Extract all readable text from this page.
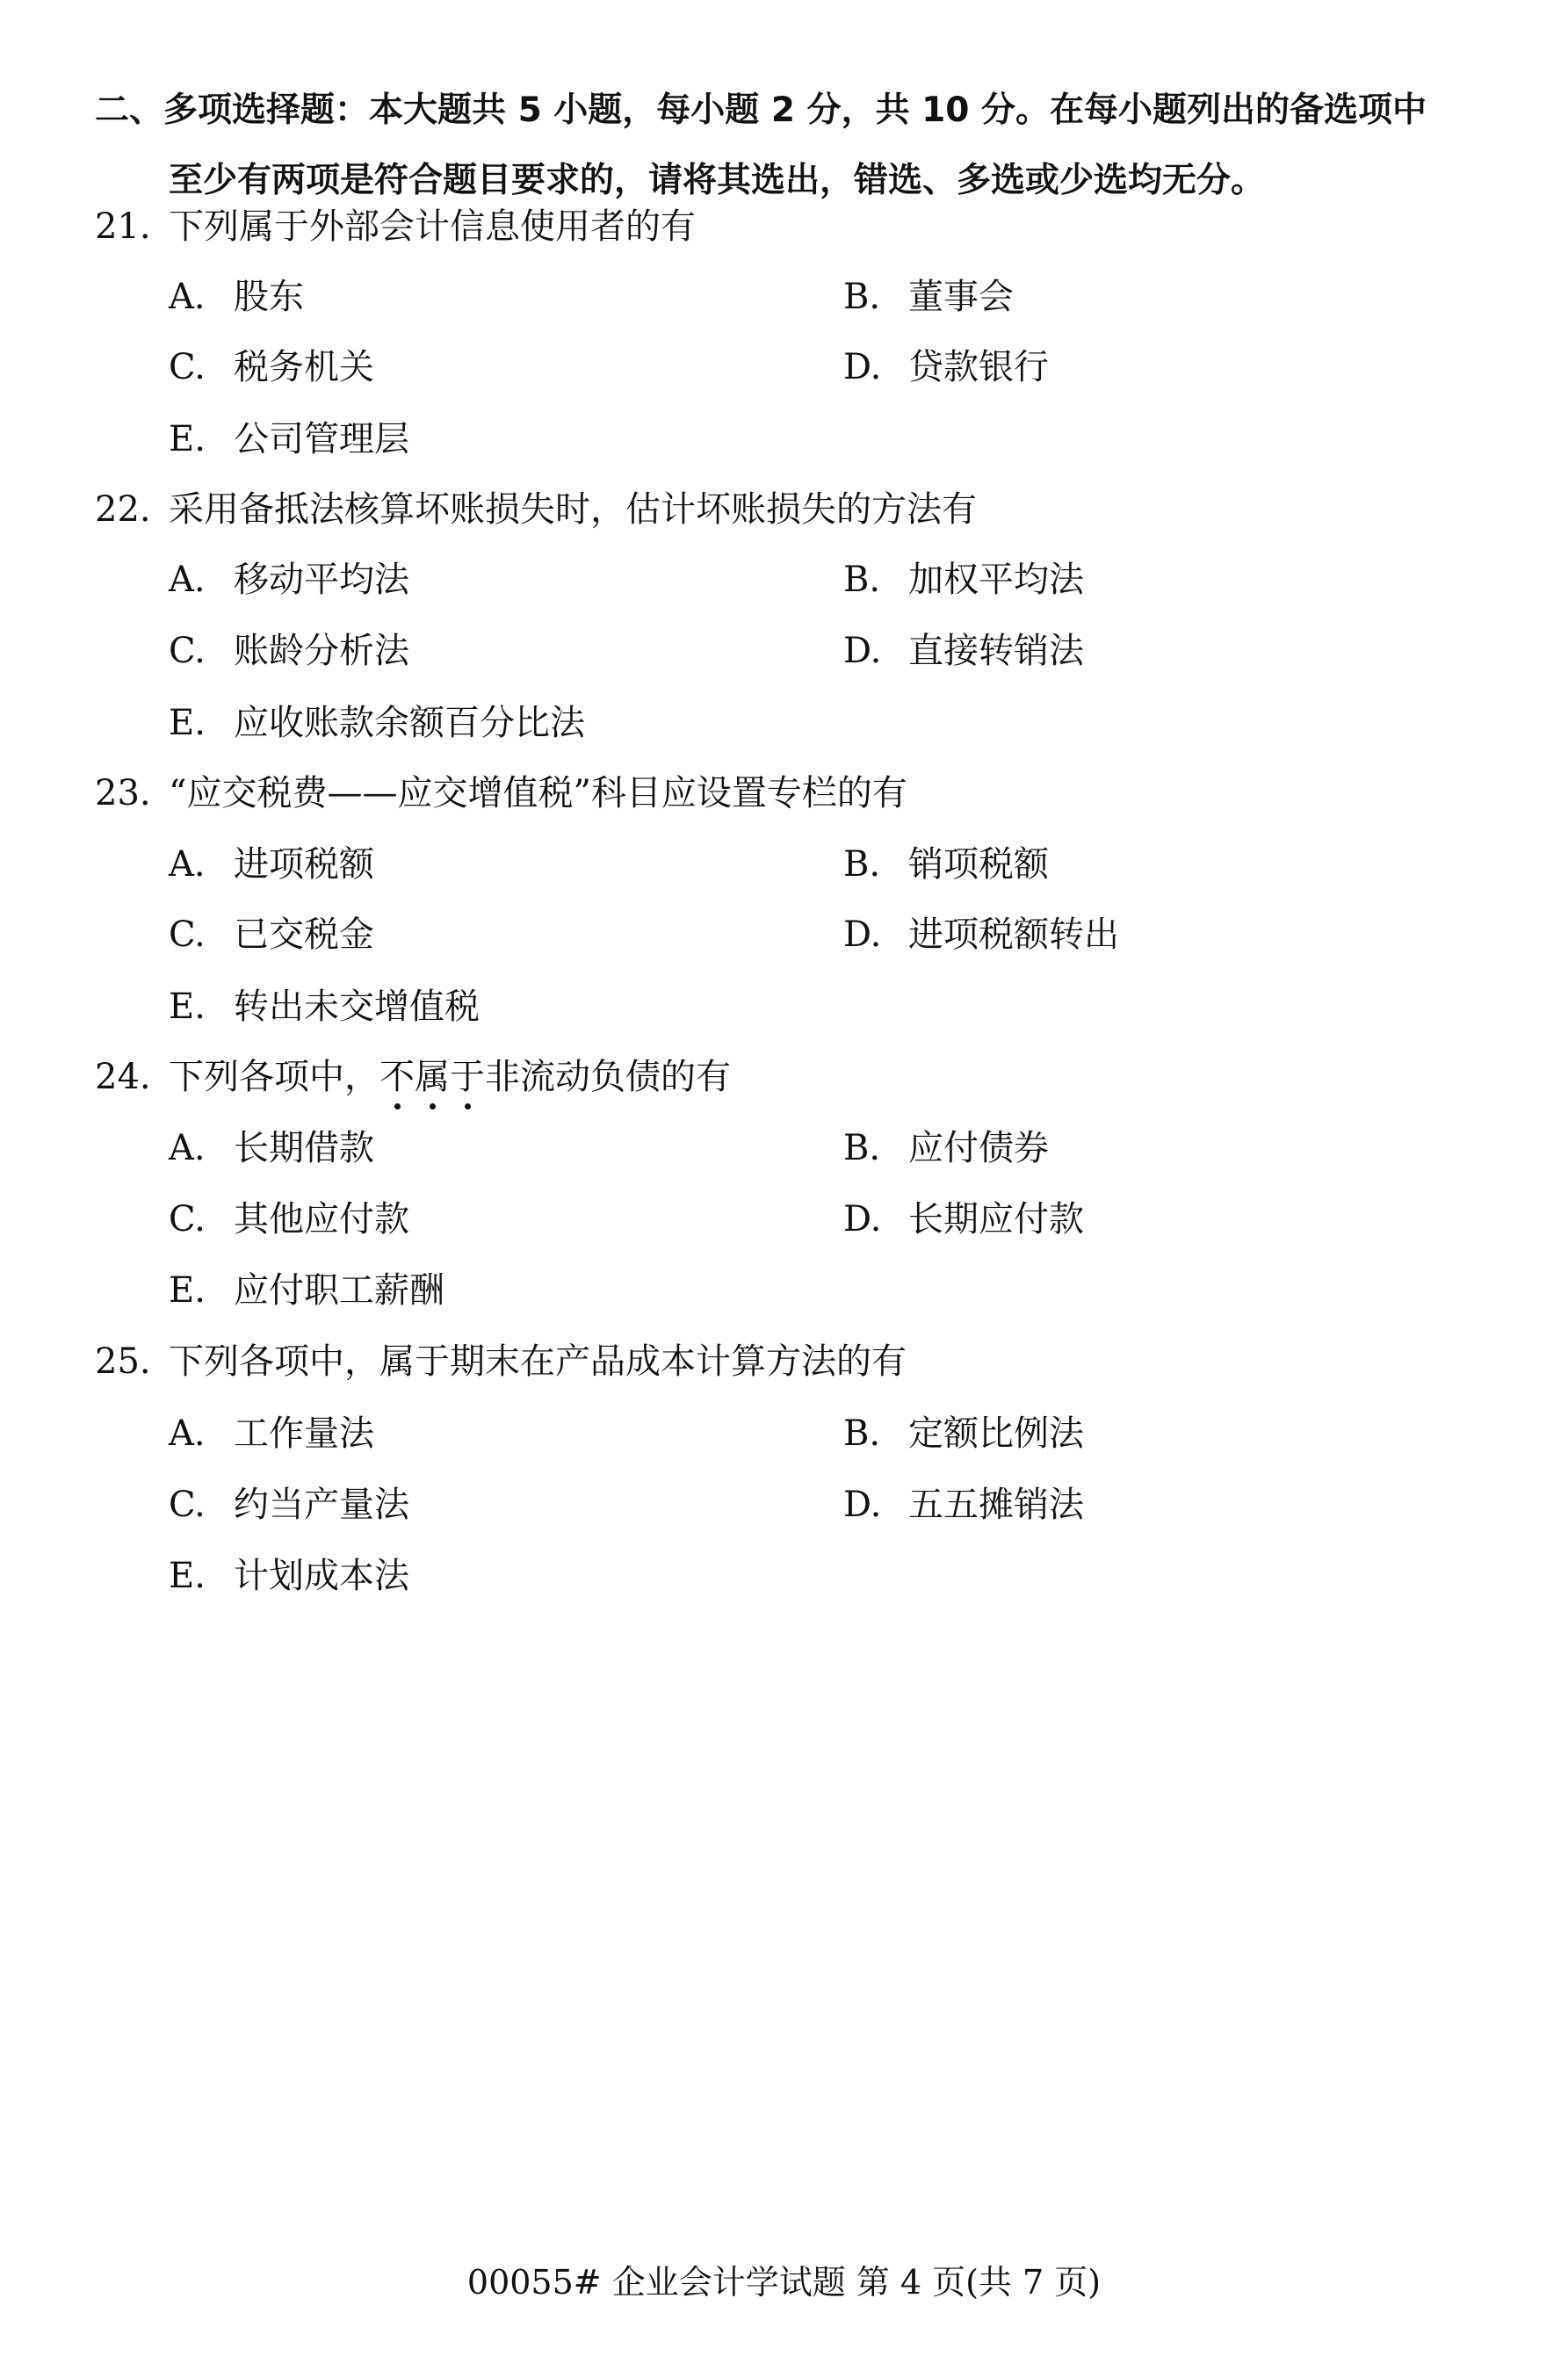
二、多项选择题：本大题共 5 小题，每小题 2 分，共 10 分。在每小题列出的备选项中
至少有两项是符合题目要求的，请将其选出，错选、多选或少选均无分。
21. 下列属于外部会计信息使用者的有
A. 股东	B. 董事会
C. 税务机关	D. 贷款银行
E. 公司管理层
22. 采用备抵法核算坏账损失时，估计坏账损失的方法有
A. 移动平均法	B. 加权平均法
C. 账龄分析法	D. 直接转销法
E. 应收账款余额百分比法
23. “应交税费——应交增值税”科目应设置专栏的有
A. 进项税额	B. 销项税额
C. 已交税金	D. 进项税额转出
E. 转出未交增值税
24. 下列各项中，不属于非流动负债的有
A. 长期借款	B. 应付债券
C. 其他应付款	D. 长期应付款
E. 应付职工薪酬
25. 下列各项中，属于期末在产品成本计算方法的有
A. 工作量法	B. 定额比例法
C. 约当产量法	D. 五五摊销法
E. 计划成本法
00055# 企业会计学试题 第 4 页(共 7 页)
